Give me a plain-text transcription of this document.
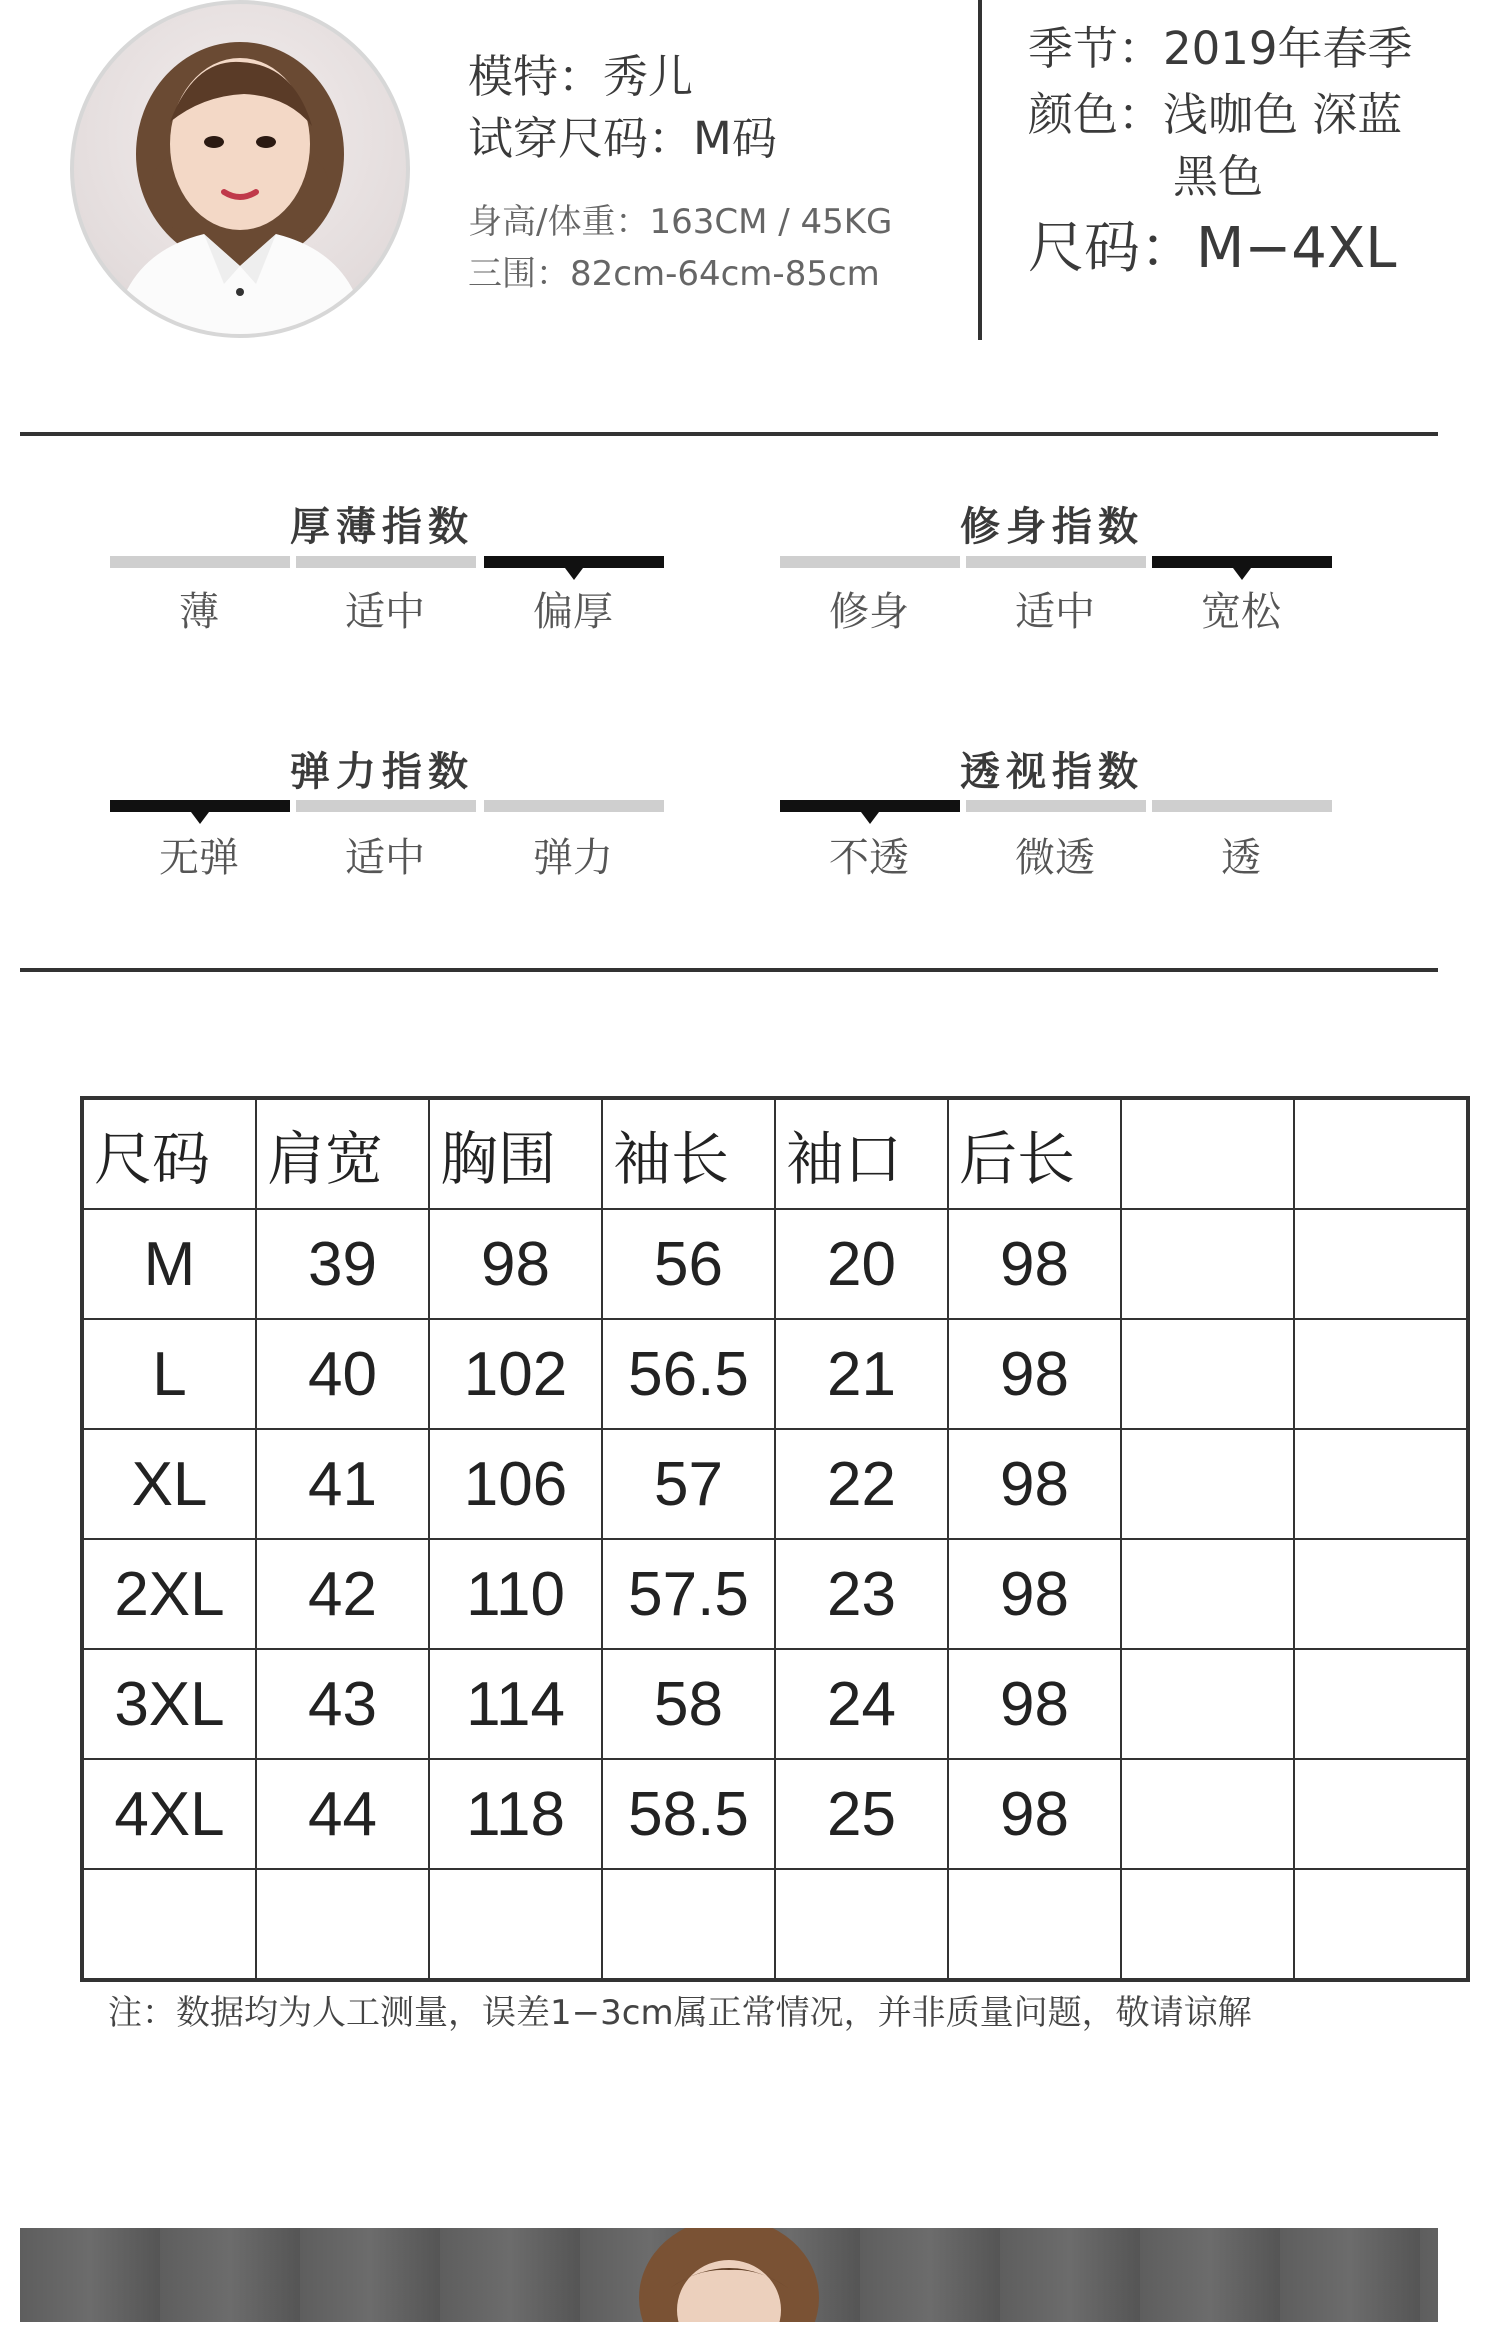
模特：秀儿
试穿尺码：M码
身高/体重：163CM / 45KG
三围：82cm-64cm-85cm
季节：2019年春季
颜色：浅咖色 深蓝
黑色
尺码：M−4XL
厚薄指数
薄	适中	偏厚
修身指数
修身	适中	宽松
弹力指数
无弹	适中	弹力
透视指数
不透	微透	透
尺码	肩宽	胸围	袖长	袖口	后长		
M	39	98	56	20	98		
L	40	102	56.5	21	98		
XL	41	106	57	22	98		
2XL	42	110	57.5	23	98		
3XL	43	114	58	24	98		
4XL	44	118	58.5	25	98		

注：数据均为人工测量，误差1−3cm属正常情况，并非质量问题，敬请谅解
